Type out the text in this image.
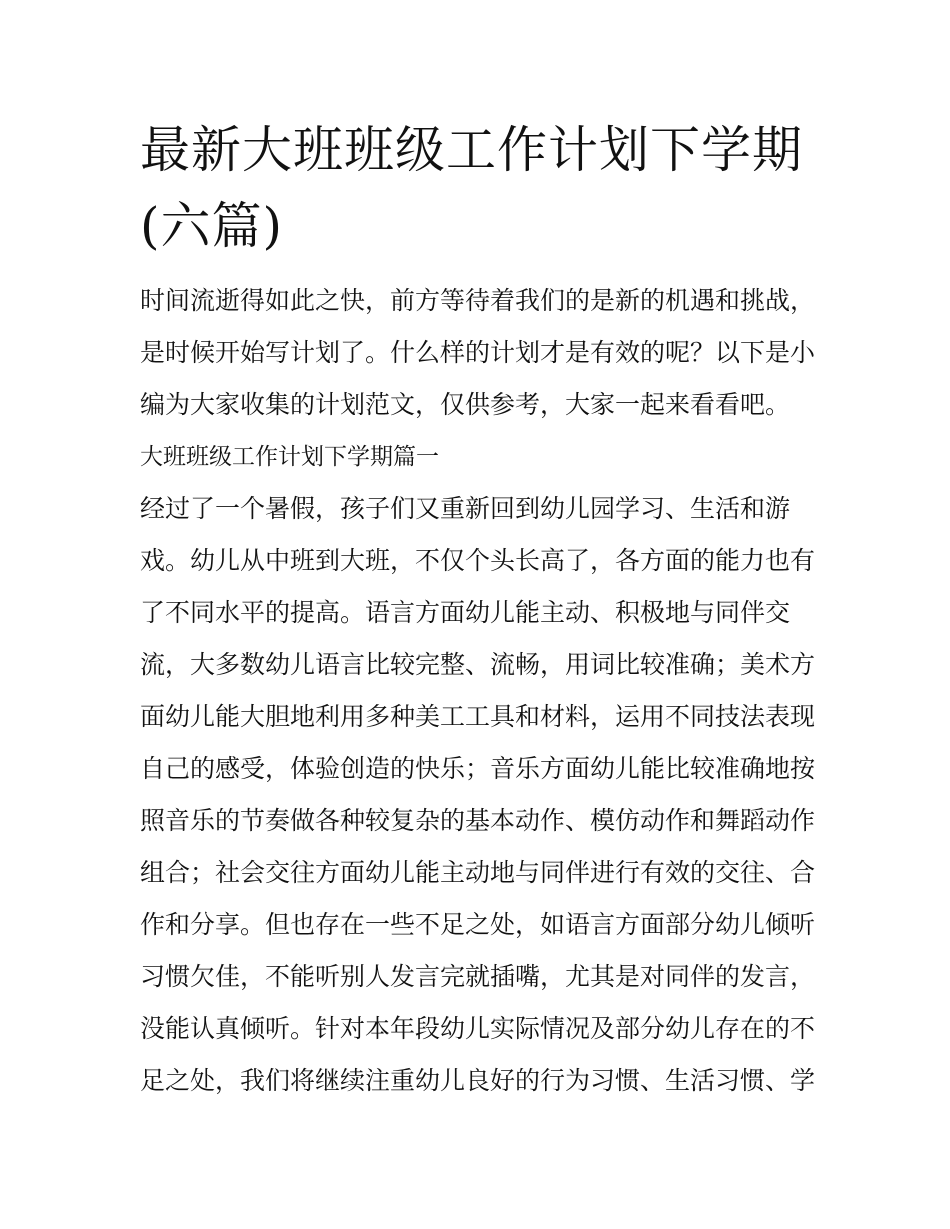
最新大班班级工作计划下学期
(六篇)
时间流逝得如此之快，前方等待着我们的是新的机遇和挑战，
是时候开始写计划了。什么样的计划才是有效的呢？以下是小
编为大家收集的计划范文，仅供参考，大家一起来看看吧。
大班班级工作计划下学期篇一
经过了一个暑假，孩子们又重新回到幼儿园学习、生活和游
戏。幼儿从中班到大班，不仅个头长高了，各方面的能力也有
了不同水平的提高。语言方面幼儿能主动、积极地与同伴交
流，大多数幼儿语言比较完整、流畅，用词比较准确；美术方
面幼儿能大胆地利用多种美工工具和材料，运用不同技法表现
自己的感受，体验创造的快乐；音乐方面幼儿能比较准确地按
照音乐的节奏做各种较复杂的基本动作、模仿动作和舞蹈动作
组合；社会交往方面幼儿能主动地与同伴进行有效的交往、合
作和分享。但也存在一些不足之处，如语言方面部分幼儿倾听
习惯欠佳，不能听别人发言完就插嘴，尤其是对同伴的发言，
没能认真倾听。针对本年段幼儿实际情况及部分幼儿存在的不
足之处，我们将继续注重幼儿良好的行为习惯、生活习惯、学
